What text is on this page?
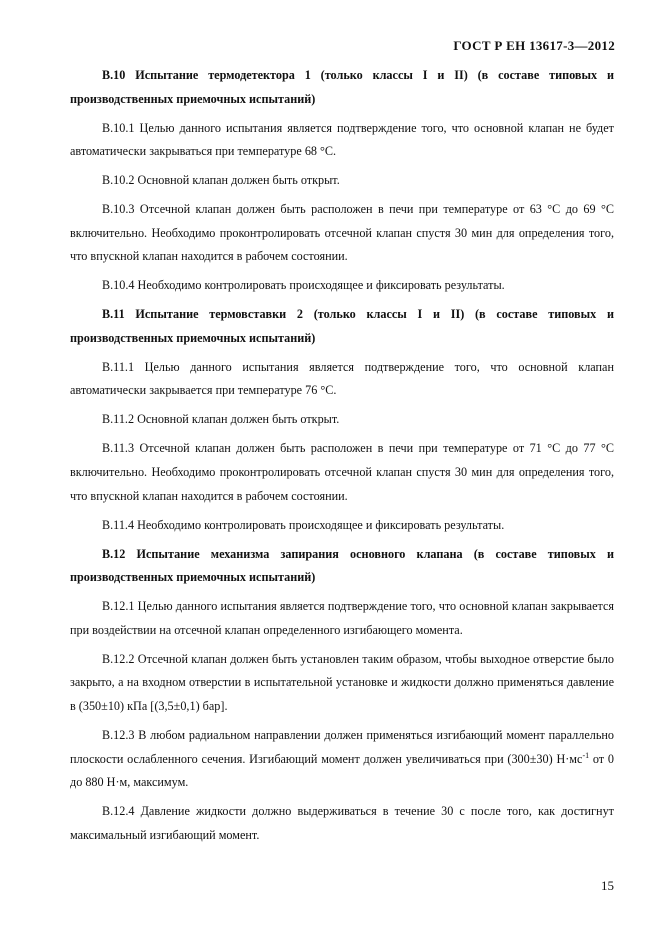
ГОСТ Р ЕН 13617-3—2012

В.10 Испытание термодетектора 1 (только классы I и II) (в составе типовых и производственных приемочных испытаний)

В.10.1 Целью данного испытания является подтверждение того, что основной клапан не будет автоматически закрываться при температуре 68 °С.

В.10.2 Основной клапан должен быть открыт.

В.10.3 Отсечной клапан должен быть расположен в печи при температуре от 63 °С до 69 °С включительно. Необходимо проконтролировать отсечной клапан спустя 30 мин для определения того, что впускной клапан находится в рабочем состоянии.

В.10.4 Необходимо контролировать происходящее и фиксировать результаты.

В.11 Испытание термовставки 2 (только классы I и II) (в составе типовых и производственных приемочных испытаний)

В.11.1 Целью данного испытания является подтверждение того, что основной клапан автоматически закрывается при температуре 76 °С.

В.11.2 Основной клапан должен быть открыт.

В.11.3 Отсечной клапан должен быть расположен в печи при температуре от 71 °С до 77 °С включительно. Необходимо проконтролировать отсечной клапан спустя 30 мин для определения того, что впускной клапан находится в рабочем состоянии.

В.11.4 Необходимо контролировать происходящее и фиксировать результаты.

В.12 Испытание механизма запирания основного клапана (в составе типовых и производственных приемочных испытаний)

В.12.1 Целью данного испытания является подтверждение того, что основной клапан закрывается при воздействии на отсечной клапан определенного изгибающего момента.

В.12.2 Отсечной клапан должен быть установлен таким образом, чтобы выходное отверстие было закрыто, а на входном отверстии в испытательной установке и жидкости должно применяться давление в (350±10) кПа [(3,5±0,1) бар].

В.12.3 В любом радиальном направлении должен применяться изгибающий момент параллельно плоскости ослабленного сечения. Изгибающий момент должен увеличиваться при (300±30) $Н\cdot мс^{-1}$ от 0 до 880 Н·м, максимум.

В.12.4 Давление жидкости должно выдерживаться в течение 30 с после того, как достигнут максимальный изгибающий момент.

15
